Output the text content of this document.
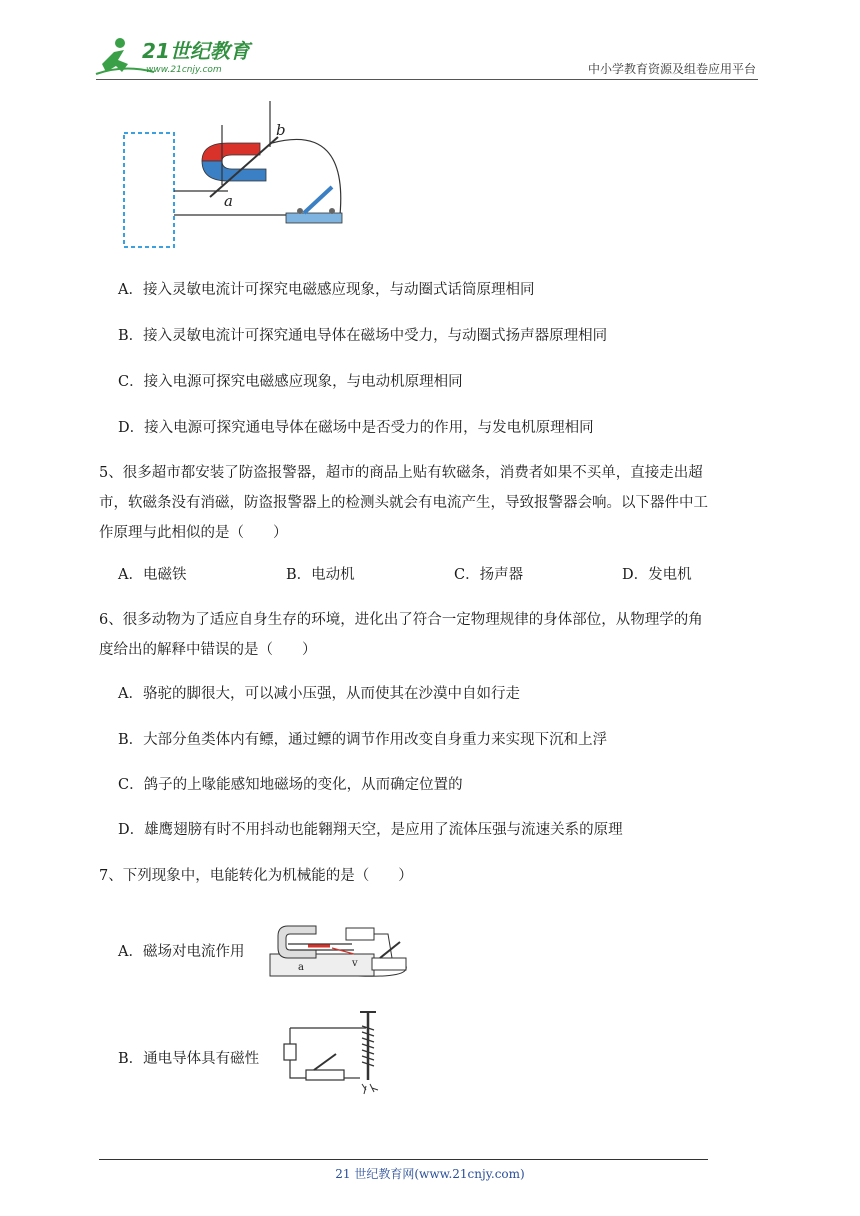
21世纪教育
www.21cnjy.com	中小学教育资源及组卷应用平台
a
b
A．接入灵敏电流计可探究电磁感应现象，与动圈式话筒原理相同
B．接入灵敏电流计可探究通电导体在磁场中受力，与动圈式扬声器原理相同
C．接入电源可探究电磁感应现象，与电动机原理相同
D．接入电源可探究通电导体在磁场中是否受力的作用，与发电机原理相同
5、很多超市都安装了防盗报警器，超市的商品上贴有软磁条，消费者如果不买单，直接走出超
市，软磁条没有消磁，防盗报警器上的检测头就会有电流产生，导致报警器会响。以下器件中工
作原理与此相似的是（　　）
A．电磁铁	B．电动机	C．扬声器	D．发电机
6、很多动物为了适应自身生存的环境，进化出了符合一定物理规律的身体部位，从物理学的角
度给出的解释中错误的是（　　）
A．骆驼的脚很大，可以减小压强，从而使其在沙漠中自如行走
B．大部分鱼类体内有鳔，通过鳔的调节作用改变自身重力来实现下沉和上浮
C．鸽子的上喙能感知地磁场的变化，从而确定位置的
D．雄鹰翅膀有时不用抖动也能翱翔天空，是应用了流体压强与流速关系的原理
7、下列现象中，电能转化为机械能的是（　　）
A．磁场对电流作用
a	v
B．通电导体具有磁性
21 世纪教育网(www.21cnjy.com)
